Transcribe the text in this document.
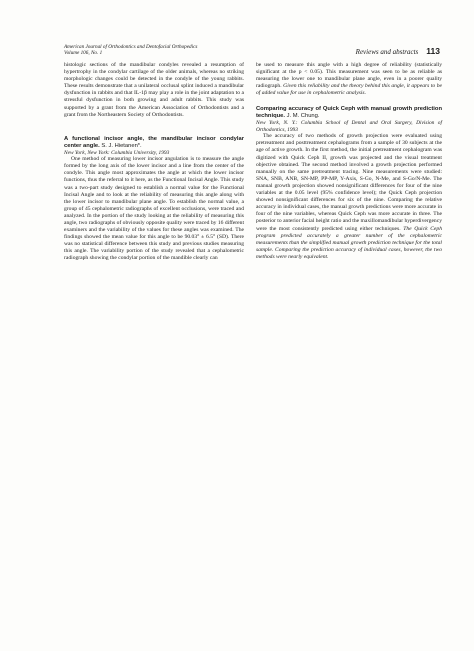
American Journal of Orthodontics and Dentofacial Orthopedics
Volume 106, No. 1	Reviews and abstracts 113

histologic sections of the mandibular condyles revealed a resumption of hypertrophy in the condylar cartilage of the older animals, whereas no striking morphologic changes could be detected in the condyle of the young rabbits. These results demonstrate that a unilateral occlusal splint induced a mandibular dysfunction in rabbits and that IL-1β may play a role in the joint adaptation to a stressful dysfunction in both growing and adult rabbits. This study was supported by a grant from the American Association of Orthodontists and a grant from the Northeastern Society of Orthodontists.

A functional incisor angle, the mandibular incisor condylar center angle. S. J. Hietanen*.

New York, New York: Columbia University, 1993

One method of measuring lower incisor angulation is to measure the angle formed by the long axis of the lower incisor and a line from the center of the condyle. This angle most approximates the angle at which the lower incisor functions, thus the referral to it here, as the Functional Incisal Angle. This study was a two-part study designed to establish a normal value for the Functional Incisal Angle and to look at the reliability of measuring this angle along with the lower incisor to mandibular plane angle. To establish the normal value, a group of 45 cephalometric radiographs of excellent occlusions, were traced and analyzed. In the portion of the study looking at the reliability of measuring this angle, two radiographs of obviously opposite quality were traced by 16 different examiners and the variability of the values for these angles was examined. The findings showed the mean value for this angle to be 90.03° ± 6.5° (SD). There was no statistical difference between this study and previous studies measuring this angle. The variability portion of the study revealed that a cephalometric radiograph showing the condylar portion of the mandible clearly can

be used to measure this angle with a high degree of reliability (statistically significant at the p < 0.05). This measurement was seen to be as reliable as measuring the lower one to mandibular plane angle, even in a poorer quality radiograph. Given this reliability and the theory behind this angle, it appears to be of added value for use in cephalometric analysis.

Comparing accuracy of Quick Ceph with manual growth prediction technique. J. M. Chung.

New York, N. Y.: Columbia School of Dental and Oral Surgery, Division of Orthodontics, 1993

The accuracy of two methods of growth projection were evaluated using pretreatment and posttreatment cephalograms from a sample of 30 subjects at the age of active growth. In the first method, the initial pretreatment cephalogram was digitized with Quick Ceph II, growth was projected and the visual treatment objective obtained. The second method involved a growth projection performed manually on the same pretreatment tracing. Nine measurements were studied: SNA, SNB, ANB, SN-MP, PP-MP, Y-Axis, S-Go, N-Me, and S-Go/N-Me. The manual growth projection showed nonsignificant differences for four of the nine variables at the 0.05 level (95% confidence level); the Quick Ceph projection showed nonsignificant differences for six of the nine. Comparing the relative accuracy in individual cases, the manual growth predictions were more accurate in four of the nine variables, whereas Quick Ceph was more accurate in three. The posterior to anterior facial height ratio and the maxillomandibular hyperdivergency were the most consistently predicted using either techniques. The Quick Ceph program predicted accurately a greater number of the cephalometric measurements than the simplified manual growth prediction technique for the total sample. Comparing the prediction accuracy of individual cases, however, the two methods were nearly equivalent.
